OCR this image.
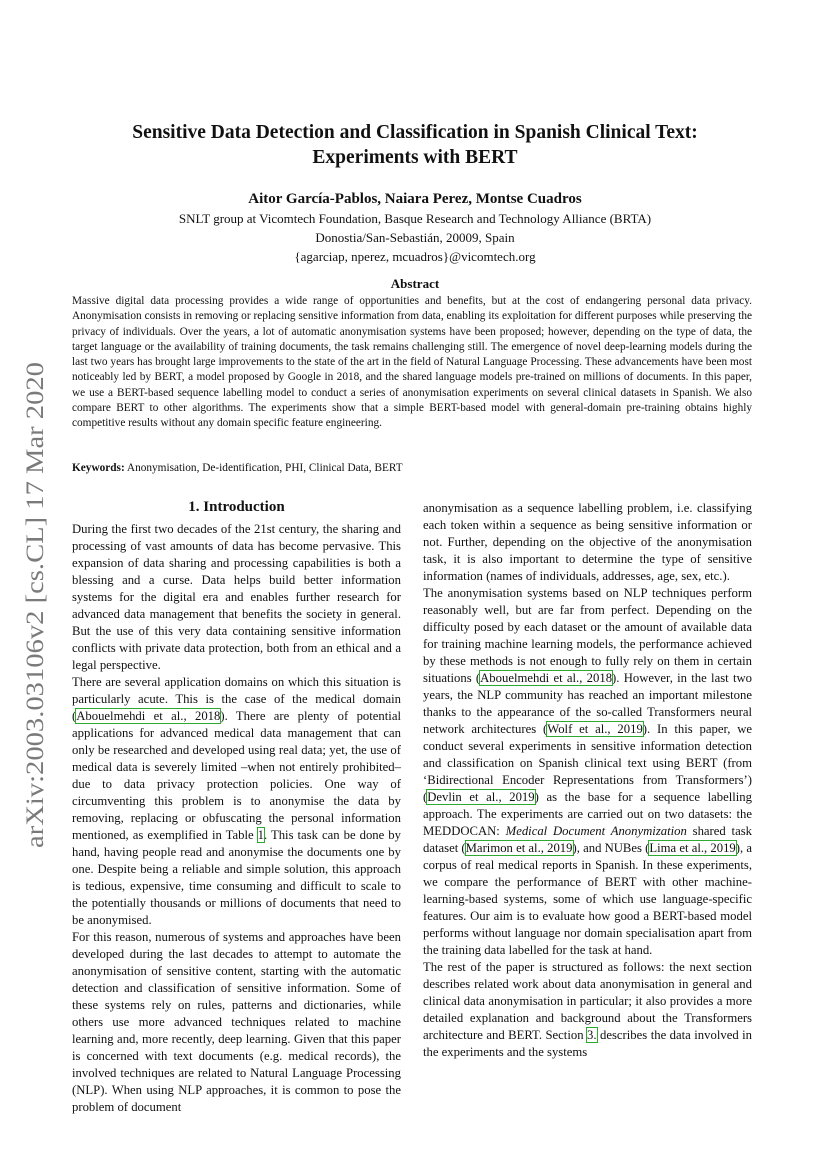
arXiv:2003.03106v2 [cs.CL] 17 Mar 2020

Sensitive Data Detection and Classification in Spanish Clinical Text:
Experiments with BERT

Aitor García-Pablos, Naiara Perez, Montse Cuadros
SNLT group at Vicomtech Foundation, Basque Research and Technology Alliance (BRTA)
Donostia/San-Sebastián, 20009, Spain
{agarciap, nperez, mcuadros}@vicomtech.org
Abstract

Massive digital data processing provides a wide range of opportunities and benefits, but at the cost of endangering personal data privacy. Anonymisation consists in removing or replacing sensitive information from data, enabling its exploitation for different purposes while preserving the privacy of individuals. Over the years, a lot of automatic anonymisation systems have been proposed; however, depending on the type of data, the target language or the availability of training documents, the task remains challenging still. The emergence of novel deep-learning models during the last two years has brought large improvements to the state of the art in the field of Natural Language Processing. These advancements have been most noticeably led by BERT, a model proposed by Google in 2018, and the shared language models pre-trained on millions of documents. In this paper, we use a BERT-based sequence labelling model to conduct a series of anonymisation experiments on several clinical datasets in Spanish. We also compare BERT to other algorithms. The experiments show that a simple BERT-based model with general-domain pre-training obtains highly competitive results without any domain specific feature engineering.

Keywords: Anonymisation, De-identification, PHI, Clinical Data, BERT
1. Introduction

During the first two decades of the 21st century, the sharing and processing of vast amounts of data has become pervasive. This expansion of data sharing and processing capabilities is both a blessing and a curse. Data helps build better information systems for the digital era and enables further research for advanced data management that benefits the society in general. But the use of this very data containing sensitive information conflicts with private data protection, both from an ethical and a legal perspective.

There are several application domains on which this situation is particularly acute. This is the case of the medical domain (Abouelmehdi et al., 2018). There are plenty of potential applications for advanced medical data management that can only be researched and developed using real data; yet, the use of medical data is severely limited –when not entirely prohibited– due to data privacy protection policies. One way of circumventing this problem is to anonymise the data by removing, replacing or obfuscating the personal information mentioned, as exemplified in Table 1. This task can be done by hand, having people read and anonymise the documents one by one. Despite being a reliable and simple solution, this approach is tedious, expensive, time consuming and difficult to scale to the potentially thousands or millions of documents that need to be anonymised.

For this reason, numerous of systems and approaches have been developed during the last decades to attempt to automate the anonymisation of sensitive content, starting with the automatic detection and classification of sensitive information. Some of these systems rely on rules, patterns and dictionaries, while others use more advanced techniques related to machine learning and, more recently, deep learning. Given that this paper is concerned with text documents (e.g. medical records), the involved techniques are related to Natural Language Processing (NLP). When using NLP approaches, it is common to pose the problem of document

anonymisation as a sequence labelling problem, i.e. classifying each token within a sequence as being sensitive information or not. Further, depending on the objective of the anonymisation task, it is also important to determine the type of sensitive information (names of individuals, addresses, age, sex, etc.).

The anonymisation systems based on NLP techniques perform reasonably well, but are far from perfect. Depending on the difficulty posed by each dataset or the amount of available data for training machine learning models, the performance achieved by these methods is not enough to fully rely on them in certain situations (Abouelmehdi et al., 2018). However, in the last two years, the NLP community has reached an important milestone thanks to the appearance of the so-called Transformers neural network architectures (Wolf et al., 2019). In this paper, we conduct several experiments in sensitive information detection and classification on Spanish clinical text using BERT (from ‘Bidirectional Encoder Representations from Transformers’) (Devlin et al., 2019) as the base for a sequence labelling approach. The experiments are carried out on two datasets: the MEDDOCAN: Medical Document Anonymization shared task dataset (Marimon et al., 2019), and NUBes (Lima et al., 2019), a corpus of real medical reports in Spanish. In these experiments, we compare the performance of BERT with other machine-learning-based systems, some of which use language-specific features. Our aim is to evaluate how good a BERT-based model performs without language nor domain specialisation apart from the training data labelled for the task at hand.

The rest of the paper is structured as follows: the next section describes related work about data anonymisation in general and clinical data anonymisation in particular; it also provides a more detailed explanation and background about the Transformers architecture and BERT. Section 3. describes the data involved in the experiments and the systems
